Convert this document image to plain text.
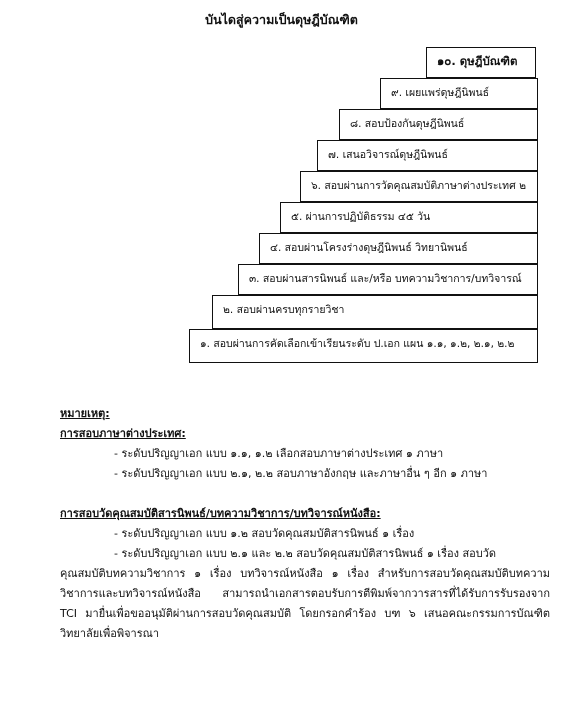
บันไดสู่ความเป็นดุษฎีบัณฑิต
๑๐. ดุษฎีบัณฑิต
๙. เผยแพร่ดุษฎีนิพนธ์
๘. สอบป้องกันดุษฎีนิพนธ์
๗. เสนอวิจารณ์ดุษฎีนิพนธ์
๖. สอบผ่านการวัดคุณสมบัติภาษาต่างประเทศ ๒
๕. ผ่านการปฏิบัติธรรม ๔๕ วัน
๔. สอบผ่านโครงร่างดุษฎีนิพนธ์ วิทยานิพนธ์
๓. สอบผ่านสารนิพนธ์ และ/หรือ บทความวิชาการ/บทวิจารณ์
๒. สอบผ่านครบทุกรายวิชา
๑. สอบผ่านการคัดเลือกเข้าเรียนระดับ ป.เอก แผน ๑.๑, ๑.๒, ๒.๑, ๒.๒
หมายเหตุ:
การสอบภาษาต่างประเทศ:
- ระดับปริญญาเอก แบบ ๑.๑, ๑.๒ เลือกสอบภาษาต่างประเทศ ๑ ภาษา
- ระดับปริญญาเอก แบบ ๒.๑, ๒.๒ สอบภาษาอังกฤษ และภาษาอื่น ๆ อีก ๑ ภาษา
การสอบวัดคุณสมบัติสารนิพนธ์/บทความวิชาการ/บทวิจารณ์หนังสือ:
- ระดับปริญญาเอก แบบ ๑.๒ สอบวัดคุณสมบัติสารนิพนธ์ ๑ เรื่อง
- ระดับปริญญาเอก แบบ ๒.๑ และ ๒.๒ สอบวัดคุณสมบัติสารนิพนธ์ ๑ เรื่อง สอบวัด
คุณสมบัติบทความวิชาการ ๑ เรื่อง บทวิจารณ์หนังสือ ๑ เรื่อง สำหรับการสอบวัดคุณสมบัติบทความวิชาการและบทวิจารณ์หนังสือ สามารถนำเอกสารตอบรับการตีพิมพ์จากวารสารที่ได้รับการรับรองจาก TCI มายื่นเพื่อขออนุมัติผ่านการสอบวัดคุณสมบัติ โดยกรอกคำร้อง บฑ ๖ เสนอคณะกรรมการบัณฑิตวิทยาลัยเพื่อพิจารณา
